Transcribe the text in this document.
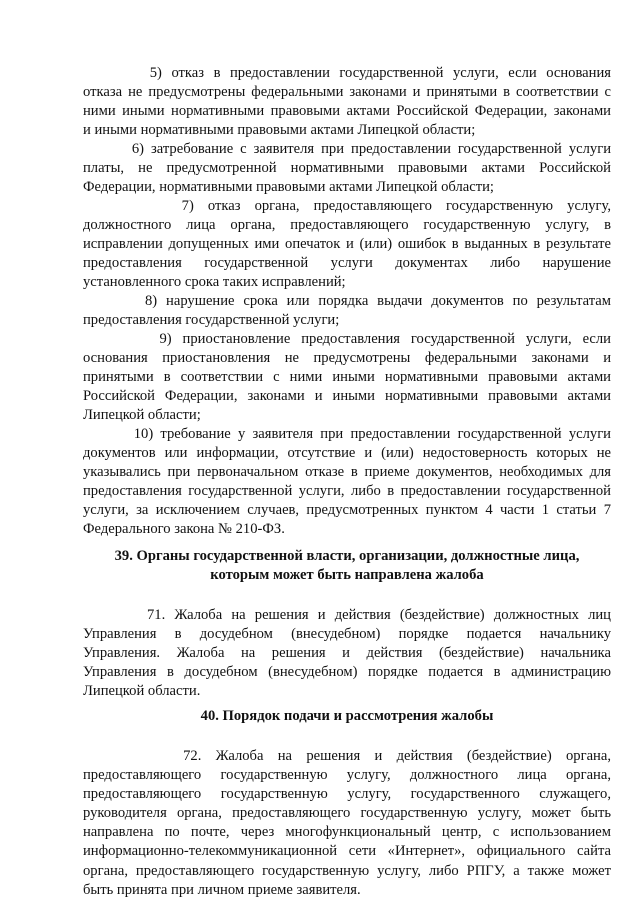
5) отказ в предоставлении государственной услуги, если основания
отказа не предусмотрены федеральными законами и принятыми в соответствии с
ними иными нормативными правовыми актами Российской Федерации, законами
и иными нормативными правовыми актами Липецкой области;
6) затребование с заявителя при предоставлении государственной услуги
платы, не предусмотренной нормативными правовыми актами Российской
Федерации, нормативными правовыми актами Липецкой области;
7) отказ органа, предоставляющего государственную услугу,
должностного лица органа, предоставляющего государственную услугу, в
исправлении допущенных ими опечаток и (или) ошибок в выданных в результате
предоставления государственной услуги документах либо нарушение
установленного срока таких исправлений;
8) нарушение срока или порядка выдачи документов по результатам
предоставления государственной услуги;
9) приостановление предоставления государственной услуги, если
основания приостановления не предусмотрены федеральными законами и
принятыми в соответствии с ними иными нормативными правовыми актами
Российской Федерации, законами и иными нормативными правовыми актами
Липецкой области;
10) требование у заявителя при предоставлении государственной услуги
документов или информации, отсутствие и (или) недостоверность которых не
указывались при первоначальном отказе в приеме документов, необходимых для
предоставления государственной услуги, либо в предоставлении государственной
услуги, за исключением случаев, предусмотренных пунктом 4 части 1 статьи 7
Федерального закона № 210-ФЗ.
39. Органы государственной власти, организации, должностные лица,
которым может быть направлена жалоба
71. Жалоба на решения и действия (бездействие) должностных лиц
Управления в досудебном (внесудебном) порядке подается начальнику
Управления. Жалоба на решения и действия (бездействие) начальника
Управления в досудебном (внесудебном) порядке подается в администрацию
Липецкой области.
40. Порядок подачи и рассмотрения жалобы
72. Жалоба на решения и действия (бездействие) органа,
предоставляющего государственную услугу, должностного лица органа,
предоставляющего государственную услугу, государственного служащего,
руководителя органа, предоставляющего государственную услугу, может быть
направлена по почте, через многофункциональный центр, с использованием
информационно-телекоммуникационной сети «Интернет», официального сайта
органа, предоставляющего государственную услугу, либо РПГУ, а также может
быть принята при личном приеме заявителя.
